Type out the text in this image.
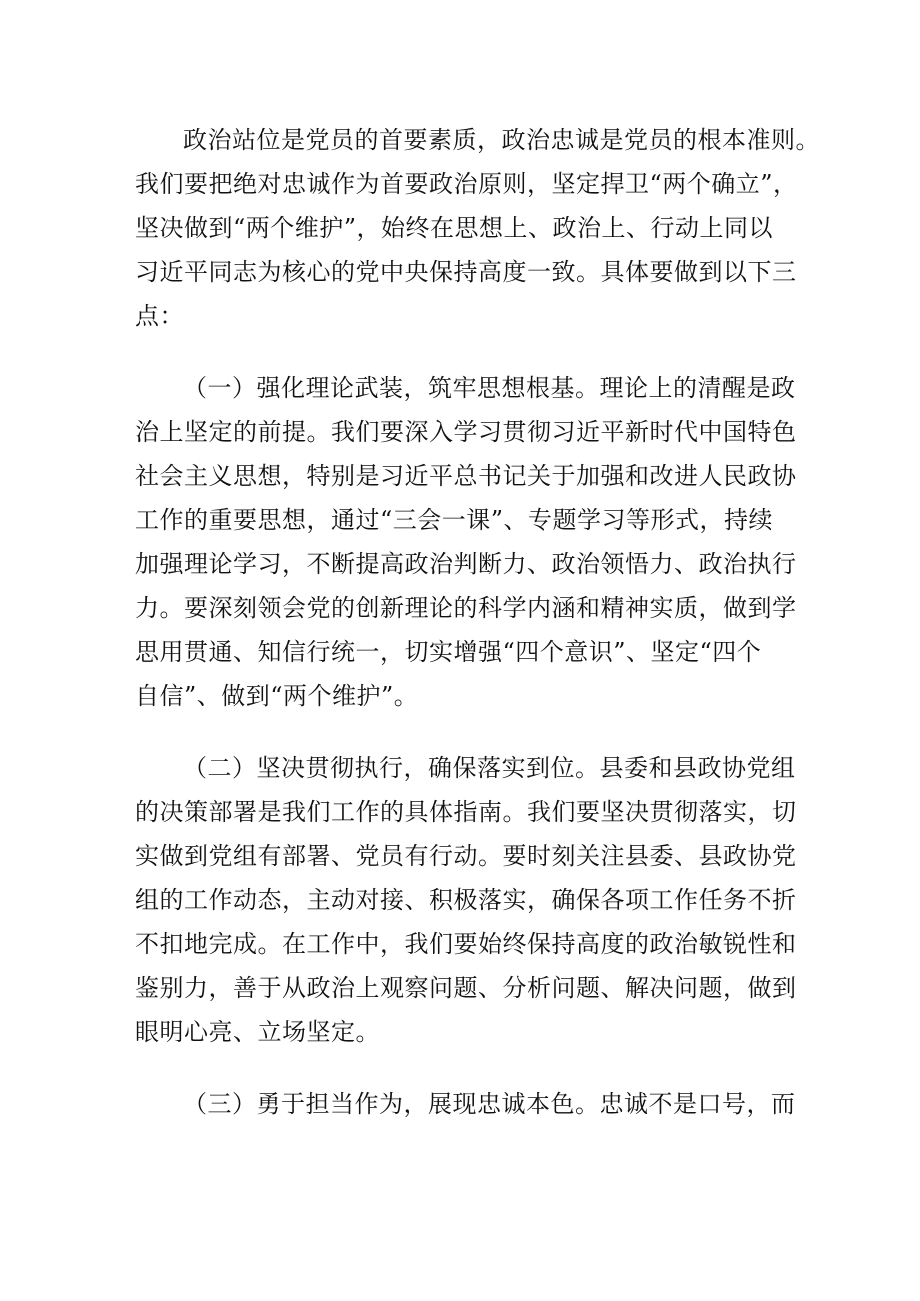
政治站位是党员的首要素质，政治忠诚是党员的根本准则。
我们要把绝对忠诚作为首要政治原则，坚定捍卫“两个确立”，
坚决做到“两个维护”，始终在思想上、政治上、行动上同以
习近平同志为核心的党中央保持高度一致。具体要做到以下三
点：
（一）强化理论武装，筑牢思想根基。理论上的清醒是政
治上坚定的前提。我们要深入学习贯彻习近平新时代中国特色
社会主义思想，特别是习近平总书记关于加强和改进人民政协
工作的重要思想，通过“三会一课”、专题学习等形式，持续
加强理论学习，不断提高政治判断力、政治领悟力、政治执行
力。要深刻领会党的创新理论的科学内涵和精神实质，做到学
思用贯通、知信行统一，切实增强“四个意识”、坚定“四个
自信”、做到“两个维护”。
（二）坚决贯彻执行，确保落实到位。县委和县政协党组
的决策部署是我们工作的具体指南。我们要坚决贯彻落实，切
实做到党组有部署、党员有行动。要时刻关注县委、县政协党
组的工作动态，主动对接、积极落实，确保各项工作任务不折
不扣地完成。在工作中，我们要始终保持高度的政治敏锐性和
鉴别力，善于从政治上观察问题、分析问题、解决问题，做到
眼明心亮、立场坚定。
（三）勇于担当作为，展现忠诚本色。忠诚不是口号，而
